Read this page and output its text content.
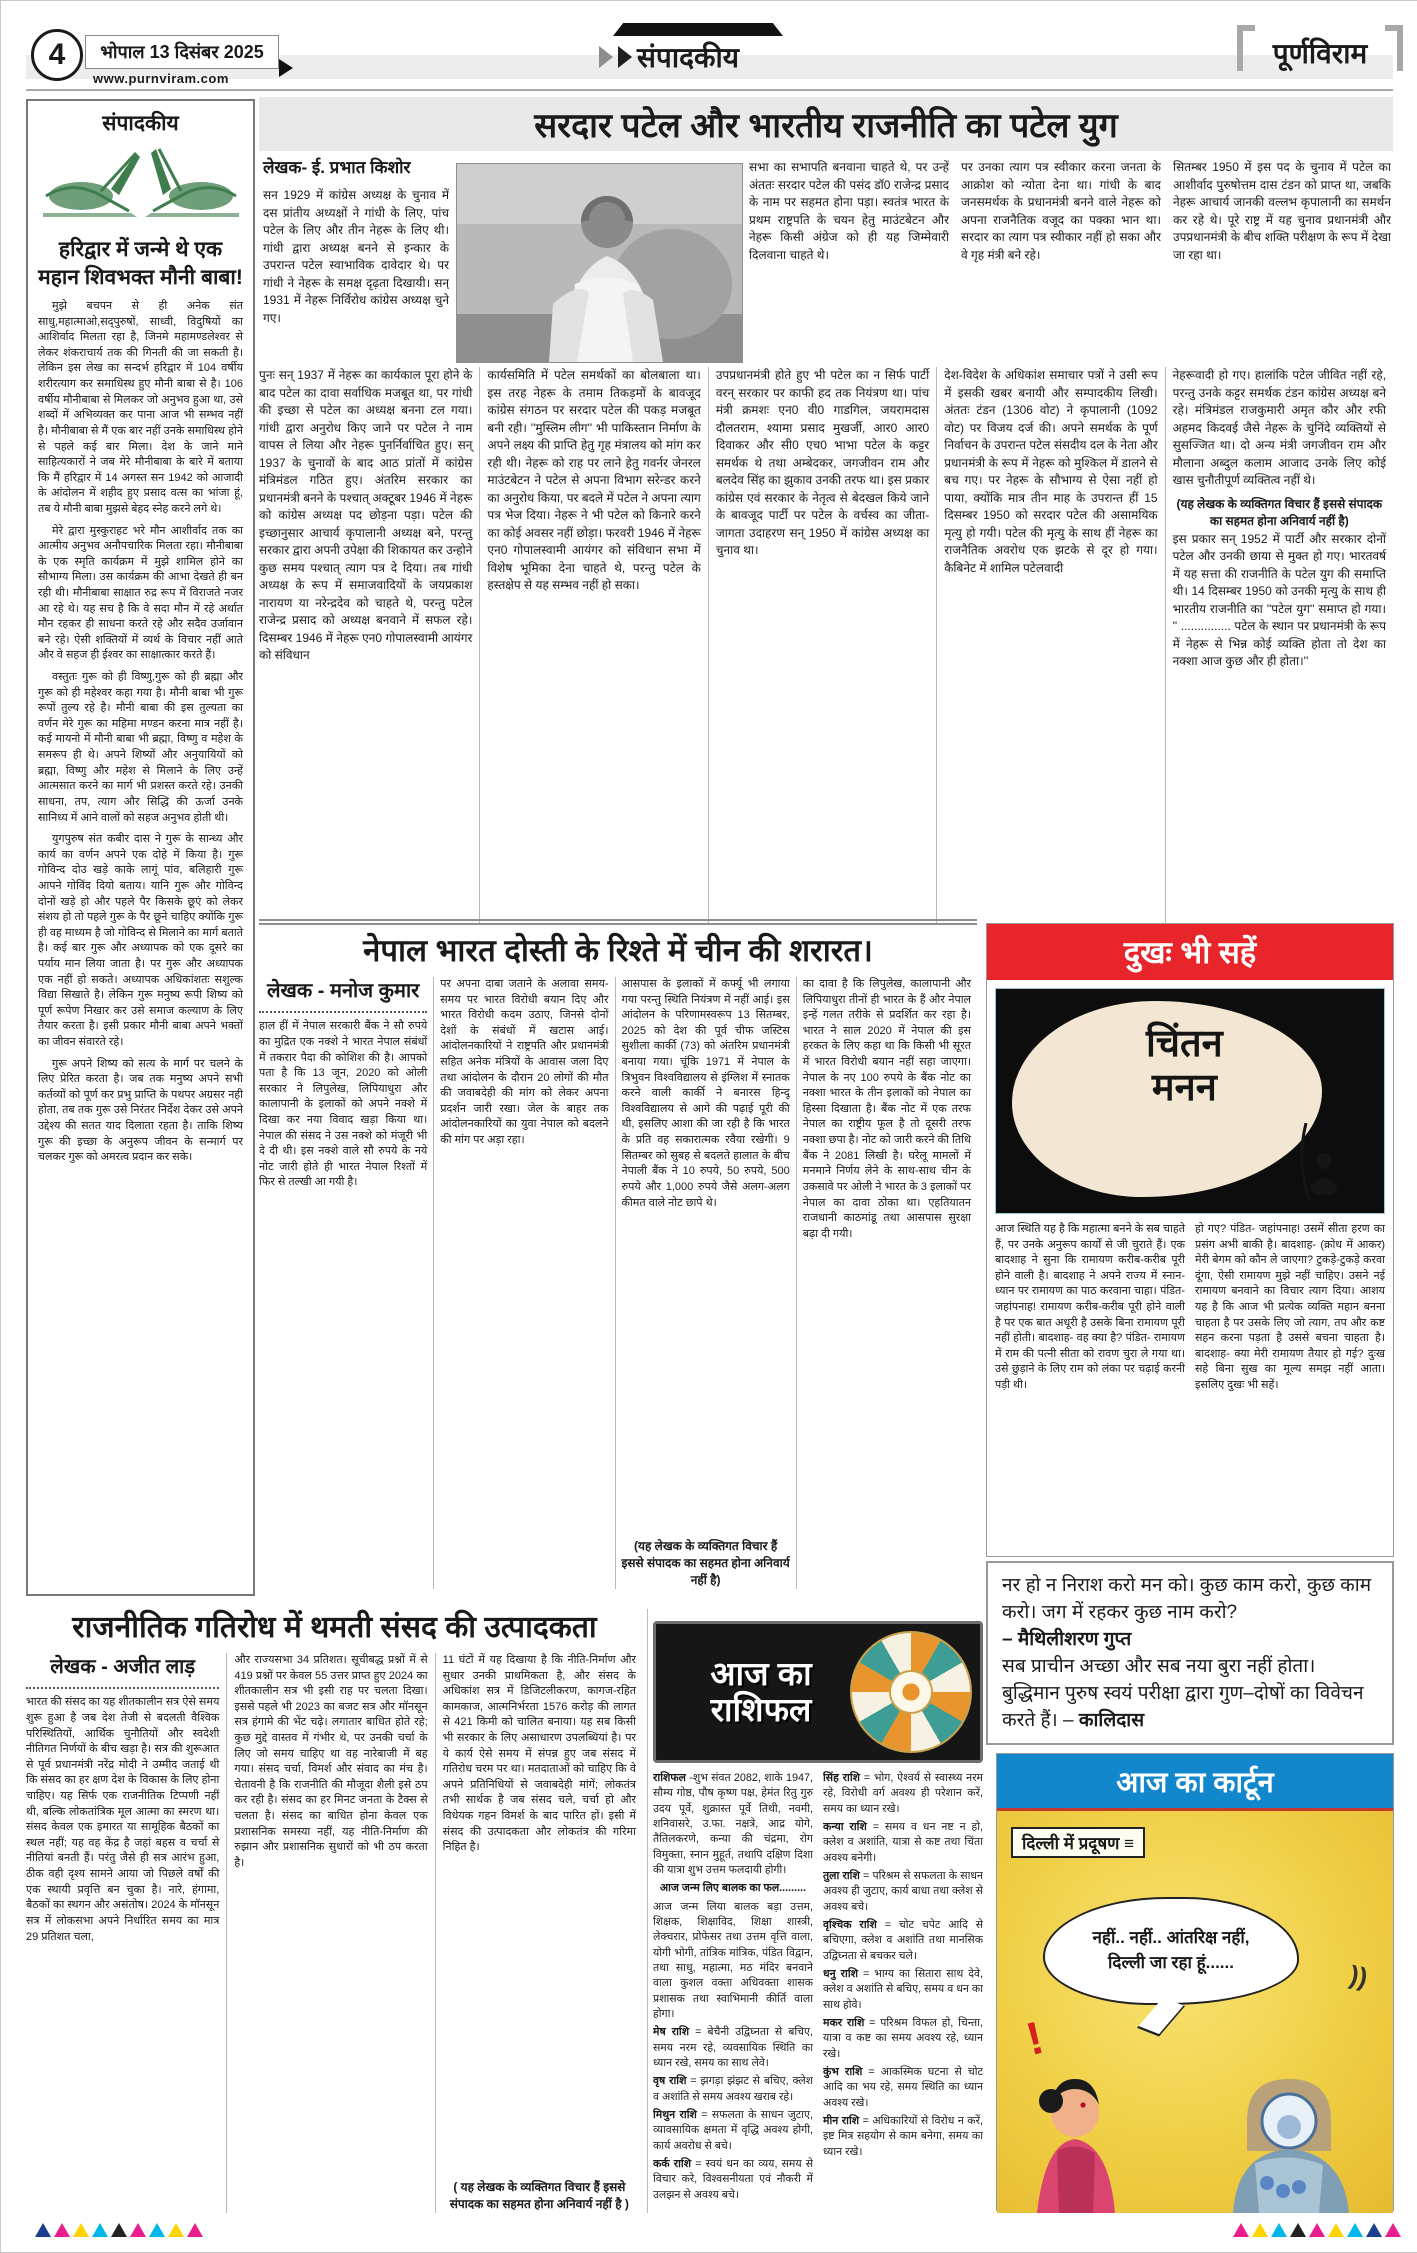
4 भोपाल 13 दिसंबर 2025
www.purnviram.com
संपादकीय	पूर्णविराम
संपादकीय
हरिद्वार में जन्मे थे एक महान शिवभक्त मौनी बाबा!

मुझे बचपन से ही अनेक संत साधु,महात्माओ,सद्पुरुषों, साध्वी, विदुषियों का आशिर्वाद मिलता रहा है, जिनमे महामण्डलेश्वर से लेकर शंकराचार्य तक की गिनती की जा सकती है। लेकिन इस लेख का सन्दर्भ हरिद्वार में 104 वर्षीय शरीरत्याग कर समाधिस्थ हुए मौनी बाबा से है। 106 वर्षीय मौनीबाबा से मिलकर जो अनुभव हुआ था, उसे शब्दों में अभिव्यक्त कर पाना आज भी सम्भव नहीं है। मौनीबाबा से मैं एक बार नहीं उनके समाधिस्थ होने से पहले कई बार मिला। देश के जाने माने साहित्यकारों ने जब मेरे मौनीबाबा के बारे में बताया कि मैं हरिद्वार में 14 अगस्त सन 1942 को आजादी के आंदोलन में शहीद हुए प्रसाद वत्स का भांजा हूं, तब ये मौनी बाबा मुझसे बेहद स्नेह करने लगे थे।

मेरे द्वारा मुस्कुराहट भरे मौन आशीर्वाद तक का आत्मीय अनुभव अनौपचारिक मिलता रहा। मौनीबाबा के एक स्मृति कार्यक्रम में मुझे शामिल होने का सौभाग्य मिला। उस कार्यक्रम की आभा देखते ही बन रही थी। मौनीबाबा साक्षात रुद्र रूप में विराजते नजर आ रहे थे। यह सच है कि वे सदा मौन में रहे अर्थात मौन रहकर ही साधना करते रहे और सदैव उर्जावान बने रहे। ऐसी शक्तियों में व्यर्थ के विचार नहीं आते और वे सहज ही ईश्वर का साक्षात्कार करते हैं।

वस्तुतः गुरू को ही विष्णु,गुरू को ही ब्रह्मा और गुरू को ही महेश्वर कहा गया है। मौनी बाबा भी गुरू रूपों तुल्य रहे है। मौनी बाबा की इस तुल्यता का वर्णन मेरे गुरू का महिमा मण्डन करना मात्र नहीं है। कई मायनो में मौनी बाबा भी ब्रह्मा, विष्णु व महेश के समरूप ही थे। अपने शिष्यों और अनुयायियों को ब्रह्मा, विष्णु और महेश से मिलाने के लिए उन्हें आत्मसात करने का मार्ग भी प्रशस्त करते रहे। उनकी साधना, तप, त्याग और सिद्धि की ऊर्जा उनके सानिध्य में आने वालों को सहज अनुभव होती थी।

युगपुरुष संत कबीर दास ने गुरू के सान्ध्य और कार्य का वर्णन अपने एक दोहे में किया है। गुरू गोविन्द दोउ खड़े काके लागूं पांव, बलिहारी गुरू आपने गोविंद दियो बताय। यानि गुरू और गोविन्द दोनों खड़े हो और पहले पैर किसके छूएं को लेकर संशय हो तो पहले गुरू के पैर छूने चाहिए क्योंकि गुरू ही वह माध्यम है जो गोविन्द से मिलाने का मार्ग बताते है। कई बार गुरू और अध्यापक को एक दूसरे का पर्याय मान लिया जाता है। पर गुरू और अध्यापक एक नहीं हो सकते। अध्यापक अधिकांशतः सशुल्क विद्या सिखाते है। लेकिन गुरू मनुष्य रूपी शिष्य को पूर्ण रूपेण निखार कर उसे समाज कल्याण के लिए तैयार करता है। इसी प्रकार मौनी बाबा अपने भक्तों का जीवन संवारते रहे।

गुरू अपने शिष्य को सत्य के मार्ग पर चलने के लिए प्रेरित करता है। जब तक मनुष्य अपने सभी कर्तव्यों को पूर्ण कर प्रभु प्राप्ति के पथपर अग्रसर नही होता, तब तक गुरू उसे निरंतर निर्देश देकर उसे अपने उद्देश्य की सतत याद दिलाता रहता है। ताकि शिष्य गुरू की इच्छा के अनुरूप जीवन के सन्मार्ग पर चलकर गुरू को अमरत्व प्रदान कर सके।

सरदार पटेल और भारतीय राजनीति का पटेल युग
लेखक- ई. प्रभात किशोर
सन 1929 में कांग्रेस अध्यक्ष के चुनाव में दस प्रांतीय अध्यक्षों ने गांधी के लिए, पांच पटेल के लिए और तीन नेहरू के लिए थी। गांधी द्वारा अध्यक्ष बनने से इन्कार के उपरान्त पटेल स्वाभाविक दावेदार थे। पर गांधी ने नेहरू के समक्ष दृढ़ता दिखायी। सन् 1931 में नेहरू निर्विरोध कांग्रेस अध्यक्ष चुने गए।
सभा का सभापति बनवाना चाहते थे, पर उन्हें अंततः सरदार पटेल की पसंद डॉ0 राजेन्द्र प्रसाद के नाम पर सहमत होना पड़ा। स्वतंत्र भारत के प्रथम राष्ट्रपति के चयन हेतु माउंटबेटन और नेहरू किसी अंग्रेज को ही यह जिम्मेवारी दिलवाना चाहते थे।
पर उनका त्याग पत्र स्वीकार करना जनता के आक्रोश को न्योता देना था। गांधी के बाद जनसमर्थक के प्रधानमंत्री बनने वाले नेहरू को अपना राजनैतिक वजूद का पक्का भान था। सरदार का त्याग पत्र स्वीकार नहीं हो सका और वे गृह मंत्री बने रहे।
सितम्बर 1950 में इस पद के चुनाव में पटेल का आशीर्वाद पुरुषोत्तम दास टंडन को प्राप्त था, जबकि नेहरू आचार्य जानकी वल्लभ कृपालानी का समर्थन कर रहे थे। पूरे राष्ट्र में यह चुनाव प्रधानमंत्री और उपप्रधानमंत्री के बीच शक्ति परीक्षण के रूप में देखा जा रहा था।
पुनः सन् 1937 में नेहरू का कार्यकाल पूरा होने के बाद पटेल का दावा सर्वाधिक मजबूत था, पर गांधी की इच्छा से पटेल का अध्यक्ष बनना टल गया। गांधी द्वारा अनुरोध किए जाने पर पटेल ने नाम वापस ले लिया और नेहरू पुनर्निर्वाचित हुए। सन् 1937 के चुनावों के बाद आठ प्रांतों में कांग्रेस मंत्रिमंडल गठित हुए। अंतरिम सरकार का प्रधानमंत्री बनने के पश्चात् अक्टूबर 1946 में नेहरू को कांग्रेस अध्यक्ष पद छोड़ना पड़ा। पटेल की इच्छानुसार आचार्य कृपालानी अध्यक्ष बने, परन्तु सरकार द्वारा अपनी उपेक्षा की शिकायत कर उन्होने कुछ समय पश्चात् त्याग पत्र दे दिया। तब गांधी अध्यक्ष के रूप में समाजवादियों के जयप्रकाश नारायण या नरेन्द्रदेव को चाहते थे, परन्तु पटेल राजेन्द्र प्रसाद को अध्यक्ष बनवाने में सफल रहे। दिसम्बर 1946 में नेहरू एन0 गोपालस्वामी आयंगर को संविधान
कार्यसमिति में पटेल समर्थकों का बोलबाला था। इस तरह नेहरू के तमाम तिकड़मों के बावजूद कांग्रेस संगठन पर सरदार पटेल की पकड़ मजबूत बनी रही। ''मुस्लिम लीग'' भी पाकिस्तान निर्माण के अपने लक्ष्य की प्राप्ति हेतु गृह मंत्रालय को मांग कर रही थी। नेहरू को राह पर लाने हेतु गवर्नर जेनरल माउंटबेटन ने पटेल से अपना विभाग सरेन्डर करने का अनुरोध किया, पर बदले में पटेल ने अपना त्याग पत्र भेज दिया। नेहरू ने भी पटेल को किनारे करने का कोई अवसर नहीं छोड़ा। फरवरी 1946 में नेहरू एन0 गोपालस्वामी आयंगर को संविधान सभा में विशेष भूमिका देना चाहते थे, परन्तु पटेल के हस्तक्षेप से यह सम्भव नहीं हो सका।
उपप्रधानमंत्री होते हुए भी पटेल का न सिर्फ पार्टी वरन् सरकार पर काफी हद तक नियंत्रण था। पांच मंत्री क्रमशः एन0 वी0 गाडगिल, जयरामदास दौलतराम, श्यामा प्रसाद मुखर्जी, आर0 आर0 दिवाकर और सी0 एच0 भाभा पटेल के कट्टर समर्थक थे तथा अम्बेदकर, जगजीवन राम और बलदेव सिंह का झुकाव उनकी तरफ था। इस प्रकार कांग्रेस एवं सरकार के नेतृत्व से बेदखल किये जाने के बावजूद पार्टी पर पटेल के वर्चस्व का जीता-जागता उदाहरण सन् 1950 में कांग्रेस अध्यक्ष का चुनाव था।
देश-विदेश के अधिकांश समाचार पत्रों ने उसी रूप में इसकी खबर बनायी और सम्पादकीय लिखी। अंततः टंडन (1306 वोट) ने कृपालानी (1092 वोट) पर विजय दर्ज की। अपने समर्थक के पूर्ण निर्वाचन के उपरान्त पटेल संसदीय दल के नेता और प्रधानमंत्री के रूप में नेहरू को मुश्किल में डालने से बच गए। पर नेहरू के सौभाग्य से ऐसा नहीं हो पाया, क्योंकि मात्र तीन माह के उपरान्त हीं 15 दिसम्बर 1950 को सरदार पटेल की असामयिक मृत्यु हो गयी। पटेल की मृत्यु के साथ हीं नेहरू का राजनैतिक अवरोध एक झटके से दूर हो गया। कैबिनेट में शामिल पटेलवादी
नेहरूवादी हो गए। हालांकि पटेल जीवित नहीं रहे, परन्तु उनके कट्टर समर्थक टंडन कांग्रेस अध्यक्ष बने रहे। मंत्रिमंडल राजकुमारी अमृत कौर और रफी अहमद किदवई जैसे नेहरू के चुनिंदे व्यक्तियों से सुसज्जित था। दो अन्य मंत्री जगजीवन राम और मौलाना अब्दुल कलाम आजाद उनके लिए कोई खास चुनौतीपूर्ण व्यक्तित्व नहीं थे।
(यह लेखक के व्यक्तिगत विचार हैं इससे संपादक का सहमत होना अनिवार्य नहीं है)
इस प्रकार सन् 1952 में पार्टी और सरकार दोनों पटेल और उनकी छाया से मुक्त हो गए। भारतवर्ष में यह सत्ता की राजनीति के पटेल युग की समाप्ति थी। 14 दिसम्बर 1950 को उनकी मृत्यु के साथ ही भारतीय राजनीति का ''पटेल युग'' समाप्त हो गया। '' ............... पटेल के स्थान पर प्रधानमंत्री के रूप में नेहरू से भिन्न कोई व्यक्ति होता तो देश का नक्शा आज कुछ और ही होता।''
नेपाल भारत दोस्ती के रिश्ते में चीन की शरारत।
लेखक - मनोज कुमार
हाल हीं में नेपाल सरकारी बैंक ने सौ रुपये का मुद्रित एक नक्शे ने भारत नेपाल संबंधों में तकरार पैदा की कोशिश की है। आपको पता है कि 13 जून, 2020 को ओली सरकार ने लिपुलेख, लिपियाधुरा और कालापानी के इलाकों को अपने नक्शे में दिखा कर नया विवाद खड़ा किया था। नेपाल की संसद ने उस नक्शे को मंजूरी भी दे दी थी। इस नक्शे वाले सौ रुपये के नये नोट जारी होते ही भारत नेपाल रिश्तों में फिर से तल्खी आ गयी है।
पर अपना दाबा जताने के अलावा समय-समय पर भारत विरोधी बयान दिए और भारत विरोधी कदम उठाए, जिनसे दोनों देशों के संबंधों में खटास आई। आंदोलनकारियों ने राष्ट्रपति और प्रधानमंत्री सहित अनेक मंत्रियों के आवास जला दिए तथा आंदोलन के दौरान 20 लोगों की मौत की जवाबदेही की मांग को लेकर अपना प्रदर्शन जारी रखा। जेल के बाहर तक आंदोलनकारियों का युवा नेपाल को बदलने की मांग पर अड़ा रहा।
आसपास के इलाकों में कर्फ्यू भी लगाया गया परन्तु स्थिति नियंत्रण में नहीं आई। इस आंदोलन के परिणामस्वरूप 13 सितम्बर, 2025 को देश की पूर्व चीफ जस्टिस सुशीला कार्की (73) को अंतरिम प्रधानमंत्री बनाया गया। चूंकि 1971 में नेपाल के त्रिभुवन विश्वविद्यालय से इंग्लिश में स्नातक करने वाली कार्की ने बनारस हिन्दू विश्वविद्यालय से आगे की पढ़ाई पूरी की थी, इसलिए आशा की जा रही है कि भारत के प्रति वह सकारात्मक रवैया रखेगी। 9 सितम्बर को सुबह से बदलते हालात के बीच नेपाली बैंक ने 10 रुपये, 50 रुपये, 500 रुपये और 1,000 रुपये जैसे अलग-अलग कीमत वाले नोट छापे थे।
(यह लेखक के व्यक्तिगत विचार हैं इससे संपादक का सहमत होना अनिवार्य नहीं है)
का दावा है कि लिपुलेख, कालापानी और लिपियाधुरा तीनों ही भारत के हैं और नेपाल इन्हें गलत तरीके से प्रदर्शित कर रहा है। भारत ने साल 2020 में नेपाल की इस हरकत के लिए कहा था कि किसी भी सूरत में भारत विरोधी बयान नहीं सहा जाएगा। नेपाल के नए 100 रुपये के बैंक नोट का नक्शा भारत के तीन इलाकों को नेपाल का हिस्सा दिखाता है। बैंक नोट में एक तरफ नेपाल का राष्ट्रीय फूल है तो दूसरी तरफ नक्शा छपा है। नोट को जारी करने की तिथि बैंक ने 2081 लिखी है। घरेलू मामलों में मनमाने निर्णय लेने के साथ-साथ चीन के उकसावे पर ओली ने भारत के 3 इलाकों पर नेपाल का दावा ठोका था। एहतियातन राजधानी काठमांडू तथा आसपास सुरक्षा बढ़ा दी गयी।
दुखः भी सहें
चिंतन
मनन
आज स्थिति यह है कि महात्मा बनने के सब चाहते हैं, पर उनके अनुरूप कार्यों से जी चुराते हैं। एक बादशाह ने सुना कि रामायण करीब-करीब पूरी होने वाली है। बादशाह ने अपने राज्य में स्नान-ध्यान पर रामायण का पाठ करवाना चाहा। पंडित- जहांपनाह! रामायण करीब-करीब पूरी होने वाली है पर एक बात अधूरी है उसके बिना रामायण पूरी नहीं होती। बादशाह- वह क्या है? पंडित- रामायण में राम की पत्नी सीता को रावण चुरा ले गया था। उसे छुड़ाने के लिए राम को लंका पर चढ़ाई करनी पड़ी थी।
हो गए? पंडित- जहांपनाह! उसमें सीता हरण का प्रसंग अभी बाकी है। बादशाह- (क्रोध में आकर) मेरी बेगम को कौन ले जाएगा? टुकड़े-टुकड़े करवा दूंगा, ऐसी रामायण मुझे नहीं चाहिए। उसने नई रामायण बनवाने का विचार त्याग दिया। आशय यह है कि आज भी प्रत्येक व्यक्ति महान बनना चाहता है पर उसके लिए जो त्याग, तप और कष्ट सहन करना पड़ता है उससे बचना चाहता है। बादशाह- क्या मेरी रामायण तैयार हो गई? दुःख सहे बिना सुख का मूल्य समझ नहीं आता। इसलिए दुखः भी सहें।
नर हो न निराश करो मन को। कुछ काम करो, कुछ काम करो। जग में रहकर कुछ नाम करो?
– मैथिलीशरण गुप्त
सब प्राचीन अच्छा और सब नया बुरा नहीं होता। बुद्धिमान पुरुष स्वयं परीक्षा द्वारा गुण–दोषों का विवेचन करते हैं। – कालिदास
राजनीतिक गतिरोध में थमती संसद की उत्पादकता
लेखक - अजीत लाड़
भारत की संसद का यह शीतकालीन सत्र ऐसे समय शुरू हुआ है जब देश तेजी से बदलती वैश्विक परिस्थितियों, आर्थिक चुनौतियों और स्वदेशी नीतिगत निर्णयों के बीच खड़ा है। सत्र की शुरूआत से पूर्व प्रधानमंत्री नरेंद्र मोदी ने उम्मीद जताई थी कि संसद का हर क्षण देश के विकास के लिए होना चाहिए। यह सिर्फ एक राजनीतिक टिप्पणी नहीं थी, बल्कि लोकतांत्रिक मूल आत्मा का स्मरण था। संसद केवल एक इमारत या सामूहिक बैठकों का स्थल नहीं; यह वह केंद्र है जहां बहस व चर्चा से नीतियां बनती हैं। परंतु जैसे ही सत्र आरंभ हुआ, ठीक वही दृश्य सामने आया जो पिछले वर्षों की एक स्थायी प्रवृत्ति बन चुका है। नारे, हंगामा, बैठकों का स्थगन और असंतोष। 2024 के मॉनसून सत्र में लोकसभा अपने निर्धारित समय का मात्र 29 प्रतिशत चला,
और राज्यसभा 34 प्रतिशत। सूचीबद्ध प्रश्नों में से 419 प्रश्नों पर केवल 55 उत्तर प्राप्त हुए 2024 का शीतकालीन सत्र भी इसी राह पर चलता दिखा। इससे पहले भी 2023 का बजट सत्र और मॉनसून सत्र हंगामे की भेंट चढ़े। लगातार बाधित होते रहे; कुछ मुद्दे वास्तव में गंभीर थे, पर उनकी चर्चा के लिए जो समय चाहिए था वह नारेबाजी में बह गया। संसद चर्चा, विमर्श और संवाद का मंच है। चेतावनी है कि राजनीति की मौजूदा शैली इसे ठप कर रही है। संसद का हर मिनट जनता के टैक्स से चलता है। संसद का बाधित होना केवल एक प्रशासनिक समस्या नहीं, यह नीति-निर्माण की रुझान और प्रशासनिक सुधारों को भी ठप करता है।
11 घंटों में यह दिखाया है कि नीति-निर्माण और सुधार उनकी प्राथमिकता है, और संसद के अधिकांश सत्र में डिजिटलीकरण, कागज-रहित कामकाज, आत्मनिर्भरता 1576 करोड़ की लागत से 421 किमी को चालित बनाया। यह सब किसी भी सरकार के लिए असाधारण उपलब्धियां है। पर ये कार्य ऐसे समय में संपन्न हुए जब संसद में गतिरोध चरम पर था। मतदाताओं को चाहिए कि वे अपने प्रतिनिधियों से जवाबदेही मांगें; लोकतंत्र तभी सार्थक है जब संसद चले, चर्चा हो और विधेयक गहन विमर्श के बाद पारित हों। इसी में संसद की उत्पादकता और लोकतंत्र की गरिमा निहित है।
( यह लेखक के व्यक्तिगत विचार हैं इससे संपादक का सहमत होना अनिवार्य नहीं है )
आज का
राशिफल

राशिफल -शुभ संवत 2082, शाके 1947, सौम्य गोष्ठ, पौष कृष्ण पक्ष, हेमंत रितु गुरु उदय पूर्वे, शुक्रास्त पूर्वे तिथी, नवमी, शनिवासरे, उ.फा. नक्षत्रे, आद्र योगे, तैतिलकरणे, कन्या की चंद्रमा, रोग विमुक्ता, स्नान मुहूर्त, तथापि दक्षिण दिशा की यात्रा शुभ उत्तम फलदायी होगी।

आज जन्म लिए बालक का फल.........

आज जन्म लिया बालक बड़ा उत्तम, शिक्षक, शिक्षाविद, शिक्षा शास्त्री, लेक्चरार, प्रोफेसर तथा उत्तम वृत्ति वाला, योगी भोगी, तांत्रिक मांत्रिक, पंडित विद्वान, तथा साधु, महात्मा, मठ मंदिर बनवाने वाला कुशल वक्ता अधिवक्ता शासक प्रशासक तथा स्वाभिमानी कीर्ति वाला होगा।

मेष राशि = बेचैनी उद्विघ्नता से बचिए, समय नरम रहे, व्यवसायिक स्थिति का ध्यान रखे, समय का साथ लेवे।

वृष राशि = झगड़ा झंझट से बचिए, क्लेश व अशांति से समय अवश्य खराब रहे।

मिथुन राशि = सफलता के साधन जुटाए, व्यावसायिक क्षमता में वृद्धि अवश्य होगी, कार्य अवरोध से बचे।

कर्क राशि = स्वयं धन का व्यय, समय से विचार करे, विश्वसनीयता एवं नौकरी में उलझन से अवश्य बचे।

सिंह राशि = भोग, ऐश्वर्य से स्वास्थ्य नरम रहे, विरोधी वर्ग अवश्य ही परेशान करें, समय का ध्यान रखे।

कन्या राशि = समय व धन नष्ट न हो, क्लेश व अशांति, यात्रा से कष्ट तथा चिंता अवश्य बनेगी।

तुला राशि = परिश्रम से सफलता के साधन अवश्य ही जुटाए, कार्य बाधा तथा क्लेश से अवश्य बचे।

वृश्चिक राशि = चोट चपेट आदि से बचिएगा, क्लेश व अशांति तथा मानसिक उद्विघ्नता से बचकर चले।

धनु राशि = भाग्य का सितारा साथ देवे, क्लेश व अशांति से बचिए, समय व धन का साथ होवे।

मकर राशि = परिश्रम विफल हो, चिन्ता, यात्रा व कष्ट का समय अवश्य रहे, ध्यान रखे।

कुंभ राशि = आकस्मिक घटना से चोट आदि का भय रहे, समय स्थिति का ध्यान अवश्य रखे।

मीन राशि = अधिकारियों से विरोध न करें, इष्ट मित्र सहयोग से काम बनेगा, समय का ध्यान रखे।

आज का कार्टून
दिल्ली में प्रदूषण ≡
नहीं.. नहीं.. आंतरिक्ष नहीं,
दिल्ली जा रहा हूं......
!
))
